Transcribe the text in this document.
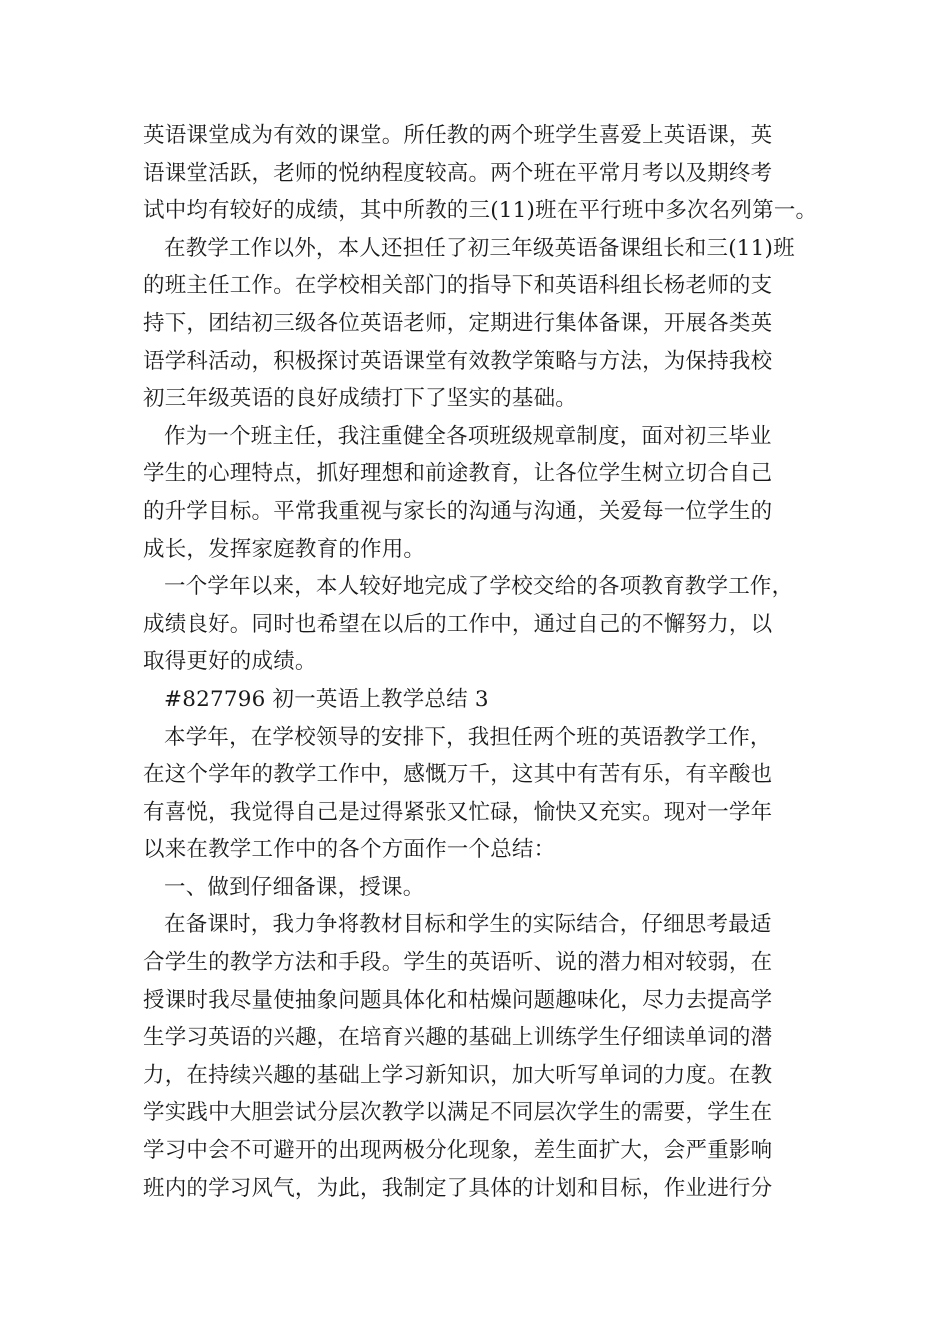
英语课堂成为有效的课堂。所任教的两个班学生喜爱上英语课，英
语课堂活跃，老师的悦纳程度较高。两个班在平常月考以及期终考
试中均有较好的成绩，其中所教的三(11)班在平行班中多次名列第一。
在教学工作以外，本人还担任了初三年级英语备课组长和三(11)班
的班主任工作。在学校相关部门的指导下和英语科组长杨老师的支
持下，团结初三级各位英语老师，定期进行集体备课，开展各类英
语学科活动，积极探讨英语课堂有效教学策略与方法，为保持我校
初三年级英语的良好成绩打下了坚实的基础。
作为一个班主任，我注重健全各项班级规章制度，面对初三毕业
学生的心理特点，抓好理想和前途教育，让各位学生树立切合自己
的升学目标。平常我重视与家长的沟通与沟通，关爱每一位学生的
成长，发挥家庭教育的作用。
一个学年以来，本人较好地完成了学校交给的各项教育教学工作，
成绩良好。同时也希望在以后的工作中，通过自己的不懈努力，以
取得更好的成绩。
#827796 初一英语上教学总结 3
本学年，在学校领导的安排下，我担任两个班的英语教学工作，
在这个学年的教学工作中，感慨万千，这其中有苦有乐，有辛酸也
有喜悦，我觉得自己是过得紧张又忙碌，愉快又充实。现对一学年
以来在教学工作中的各个方面作一个总结：
一、做到仔细备课，授课。
在备课时，我力争将教材目标和学生的实际结合，仔细思考最适
合学生的教学方法和手段。学生的英语听、说的潜力相对较弱，在
授课时我尽量使抽象问题具体化和枯燥问题趣味化，尽力去提高学
生学习英语的兴趣，在培育兴趣的基础上训练学生仔细读单词的潜
力，在持续兴趣的基础上学习新知识，加大听写单词的力度。在教
学实践中大胆尝试分层次教学以满足不同层次学生的需要，学生在
学习中会不可避开的出现两极分化现象，差生面扩大，会严重影响
班内的学习风气，为此，我制定了具体的计划和目标，作业进行分
